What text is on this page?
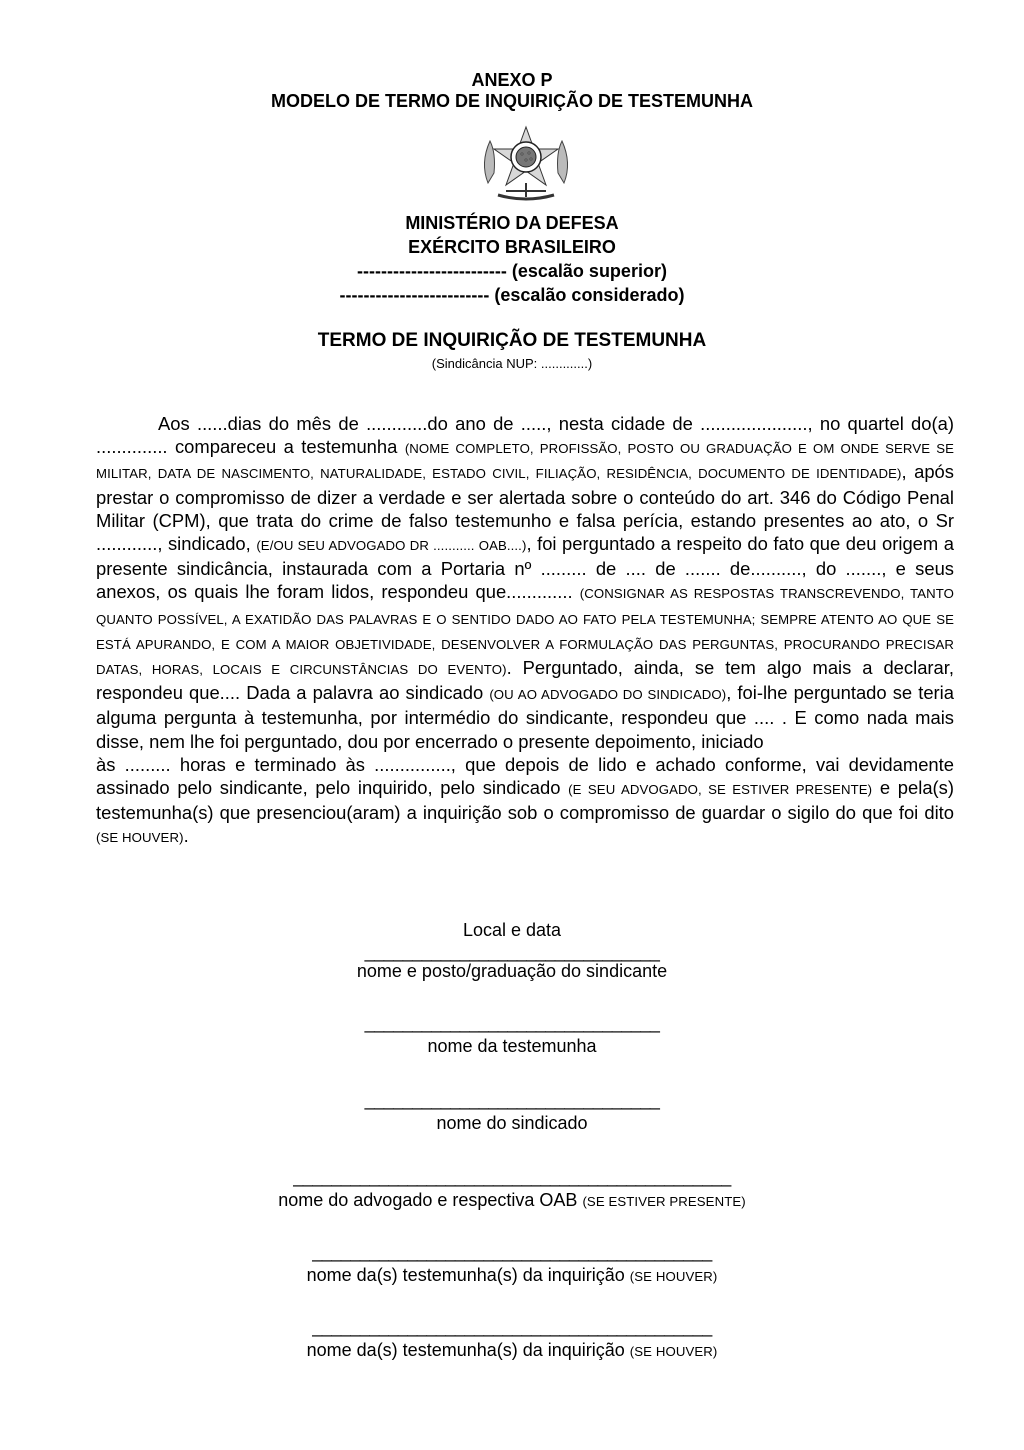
ANEXO P
MODELO DE TERMO DE INQUIRIÇÃO DE TESTEMUNHA
MINISTÉRIO DA DEFESA
EXÉRCITO BRASILEIRO
------------------------- (escalão superior)
------------------------- (escalão considerado)
TERMO DE INQUIRIÇÃO DE TESTEMUNHA
(Sindicância NUP: .............)

Aos ......dias do mês de ............do ano de ....., nesta cidade de ....................., no quartel do(a) .............. compareceu a testemunha (NOME COMPLETO, PROFISSÃO, POSTO OU GRADUAÇÃO E OM ONDE SERVE SE MILITAR, DATA DE NASCIMENTO, NATURALIDADE, ESTADO CIVIL, FILIAÇÃO, RESIDÊNCIA, DOCUMENTO DE IDENTIDADE), após prestar o compromisso de dizer a verdade e ser alertada sobre o conteúdo do art. 346 do Código Penal Militar (CPM), que trata do crime de falso testemunho e falsa perícia, estando presentes ao ato, o Sr ............, sindicado, (E/OU SEU ADVOGADO DR ........... OAB....), foi perguntado a respeito do fato que deu origem a presente sindicância, instaurada com a Portaria nº ......... de .... de ....... de.........., do ......., e seus anexos, os quais lhe foram lidos, respondeu que............. (CONSIGNAR AS RESPOSTAS TRANSCREVENDO, TANTO QUANTO POSSÍVEL, A EXATIDÃO DAS PALAVRAS E O SENTIDO DADO AO FATO PELA TESTEMUNHA; SEMPRE ATENTO AO QUE SE ESTÁ APURANDO, E COM A MAIOR OBJETIVIDADE, DESENVOLVER A FORMULAÇÃO DAS PERGUNTAS, PROCURANDO PRECISAR DATAS, HORAS, LOCAIS E CIRCUNSTÂNCIAS DO EVENTO). Perguntado, ainda, se tem algo mais a declarar, respondeu que.... Dada a palavra ao sindicado (OU AO ADVOGADO DO SINDICADO), foi-lhe perguntado se teria alguma pergunta à testemunha, por intermédio do sindicante, respondeu que .... . E como nada mais disse, nem lhe foi perguntado, dou por encerrado o presente depoimento, iniciado

às ......... horas e terminado às ..............., que depois de lido e achado conforme, vai devidamente assinado pelo sindicante, pelo inquirido, pelo sindicado (E SEU ADVOGADO, SE ESTIVER PRESENTE) e pela(s) testemunha(s) que presenciou(aram) a inquirição sob o compromisso de guardar o sigilo do que foi dito (SE HOUVER).

Local e data
_______________________________
nome e posto/graduação do sindicante
_______________________________
nome da testemunha
_______________________________
nome do sindicado
______________________________________________
nome do advogado e respectiva OAB (SE ESTIVER PRESENTE)
__________________________________________
nome da(s) testemunha(s) da inquirição (SE HOUVER)
__________________________________________
nome da(s) testemunha(s) da inquirição (SE HOUVER)
